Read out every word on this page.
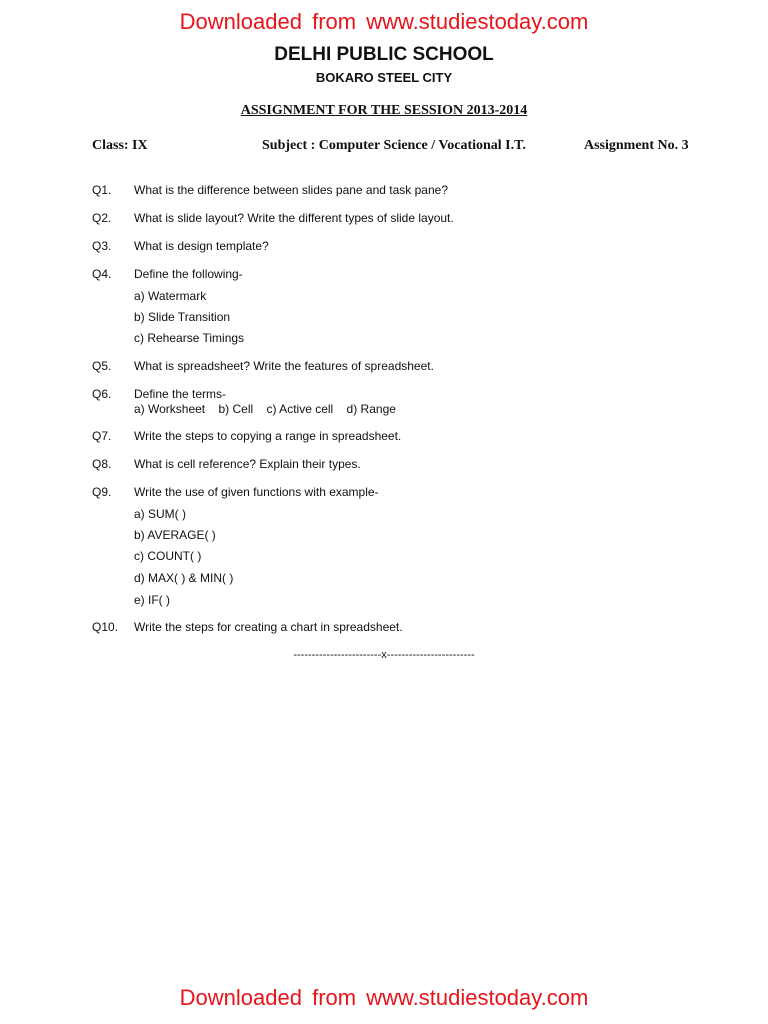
Downloaded from www.studiestoday.com
DELHI PUBLIC SCHOOL
BOKARO STEEL CITY
ASSIGNMENT FOR THE SESSION 2013-2014
Class: IX	Subject : Computer Science / Vocational I.T.	Assignment No. 3
Q1.	What is the difference between slides pane and task pane?
Q2.	What is slide layout? Write the different types of slide layout.
Q3.	What is design template?
Q4.	Define the following-
a) Watermark
b) Slide Transition
c) Rehearse Timings
Q5.	What is spreadsheet? Write the features of spreadsheet.
Q6.	Define the terms-
a) Worksheet b) Cell c) Active cell d) Range
Q7.	Write the steps to copying a range in spreadsheet.
Q8.	What is cell reference? Explain their types.
Q9.	Write the use of given functions with example-
a) SUM( )
b) AVERAGE( )
c) COUNT( )
d) MAX( ) & MIN( )
e) IF( )
Q10.	Write the steps for creating a chart in spreadsheet.
------------------------x------------------------
Downloaded from www.studiestoday.com
